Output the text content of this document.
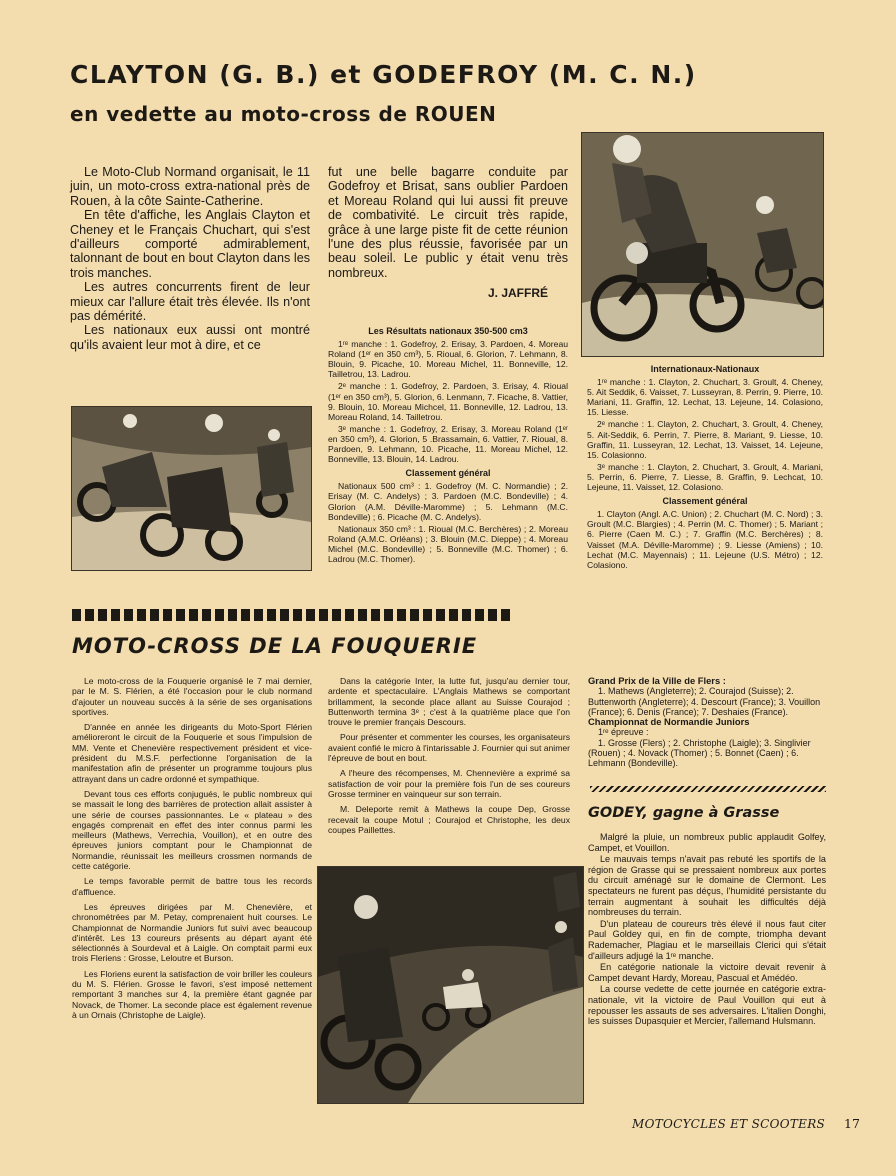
CLAYTON (G. B.) et GODEFROY (M. C. N.)
en vedette au moto-cross de ROUEN

Le Moto-Club Normand organisait, le 11 juin, un moto-cross extra-national près de Rouen, à la côte Sainte-Catherine.

En tête d'affiche, les Anglais Clayton et Cheney et le Français Chuchart, qui s'est d'ailleurs comporté admirablement, talonnant de bout en bout Clayton dans les trois manches.

Les autres concurrents firent de leur mieux car l'allure était très élevée. Ils n'ont pas démérité.

Les nationaux eux aussi ont montré qu'ils avaient leur mot à dire, et ce

fut une belle bagarre conduite par Godefroy et Brisat, sans oublier Pardoen et Moreau Roland qui lui aussi fit preuve de combativité. Le circuit très rapide, grâce à une large piste fit de cette réunion l'une des plus réussie, favorisée par un beau soleil. Le public y était venu très nombreux.

J. JAFFRÉ
Les Résultats nationaux 350-500 cm3

1ʳᵉ manche : 1. Godefroy, 2. Erisay, 3. Pardoen, 4. Moreau Roland (1ᵉʳ en 350 cm³), 5. Rioual, 6. Glorion, 7. Lehmann, 8. Blouin, 9. Picache, 10. Moreau Michel, 11. Bonneville, 12. Tailletrou, 13. Ladrou.

2ᵉ manche : 1. Godefroy, 2. Pardoen, 3. Erisay, 4. Rioual (1ᵉʳ en 350 cm³), 5. Glorion, 6. Lenmann, 7. Ficache, 8. Vattier, 9. Blouin, 10. Moreau Michcel, 11. Bonneville, 12. Ladrou, 13. Moreau Roland, 14. Tailletrou.

3ᵉ manche : 1. Godefroy, 2. Erisay, 3. Moreau Roland (1ᵉʳ en 350 cm³), 4. Glorion, 5 .Brassamain, 6. Vattier, 7. Rioual, 8. Pardoen, 9. Lehmann, 10. Picache, 11. Moreau Michel, 12. Bonneville, 13. Blouin, 14. Ladrou.

Classement général

Nationaux 500 cm³ : 1. Godefroy (M. C. Normandie) ; 2. Erisay (M. C. Andelys) ; 3. Pardoen (M.C. Bondeville) ; 4. Glorion (A.M. Déville-Maromme) ; 5. Lehmann (M.C. Bondeville) ; 6. Picache (M. C. Andelys).

Nationaux 350 cm³ : 1. Rioual (M.C. Berchères) ; 2. Moreau Roland (A.M.C. Orléans) ; 3. Blouin (M.C. Dieppe) ; 4. Moreau Michel (M.C. Bondeville) ; 5. Bonneville (M.C. Thomer) ; 6. Ladrou (M.C. Thomer).

Internationaux-Nationaux

1ʳᵉ manche : 1. Clayton, 2. Chuchart, 3. Groult, 4. Cheney, 5. Ait Seddik, 6. Vaisset, 7. Lusseyran, 8. Perrin, 9. Pierre, 10. Mariani, 11. Graffin, 12. Lechat, 13. Lejeune, 14. Colasiono, 15. Liesse.

2ᵉ manche : 1. Clayton, 2. Chuchart, 3. Groult, 4. Cheney, 5. Ait-Seddik, 6. Perrin, 7. Pierre, 8. Mariant, 9. Liesse, 10. Graffin, 11. Lusseyran, 12. Lechat, 13. Vaisset, 14. Lejeune, 15. Colasionno.

3ᵉ manche : 1. Clayton, 2. Chuchart, 3. Groult, 4. Mariani, 5. Perrin, 6. Pierre, 7. Liesse, 8. Graffin, 9. Lechcat, 10. Lejeune, 11. Vaisset, 12. Colasiono.

Classement général

1. Clayton (Angl. A.C. Union) ; 2. Chuchart (M. C. Nord) ; 3. Groult (M.C. Blargies) ; 4. Perrin (M. C. Thomer) ; 5. Mariant ; 6. Pierre (Caen M. C.) ; 7. Graffin (M.C. Berchères) ; 8. Vaisset (M.A. Déville-Maromme) ; 9. Liesse (Amiens) ; 10. Lechat (M.C. Mayennais) ; 11. Lejeune (U.S. Métro) ; 12. Colasiono.

MOTO-CROSS DE LA FOUQUERIE

Le moto-cross de la Fouquerie organisé le 7 mai dernier, par le M. S. Flérien, a été l'occasion pour le club normand d'ajouter un nouveau succès à la série de ses organisations sportives.

D'année en année les dirigeants du Moto-Sport Flérien amélioreront le circuit de la Fouquerie et sous l'impulsion de MM. Vente et Chenevière respectivement président et vice-président du M.S.F. perfectionne l'organisation de la manifestation afin de présenter un programme toujours plus attrayant dans un cadre ordonné et sympathique.

Devant tous ces efforts conjugués, le public nombreux qui se massait le long des barrières de protection allait assister à une série de courses passionnantes. Le « plateau » des engagés comprenait en effet des inter connus parmi les meilleurs (Mathews, Verrechia, Vouillon), et en outre des épreuves juniors comptant pour le Championnat de Normandie, réunissait les meilleurs crossmen normands de cette catégorie.

Le temps favorable permit de battre tous les records d'affluence.

Les épreuves dirigées par M. Chenevière, et chronométrées par M. Petay, comprenaient huit courses. Le Championnat de Normandie Juniors fut suivi avec beaucoup d'intérêt. Les 13 coureurs présents au départ ayant été sélectionnés à Sourdeval et à Laigle. On comptait parmi eux trois Fleriens : Grosse, Leloutre et Burson.

Les Floriens eurent la satisfaction de voir briller les couleurs du M. S. Flérien. Grosse le favori, s'est imposé nettement remportant 3 manches sur 4, la première étant gagnée par Novack, de Thomer. La seconde place est également revenue à un Ornais (Christophe de Laigle).

Dans la catégorie Inter, la lutte fut, jusqu'au dernier tour, ardente et spectaculaire. L'Anglais Mathews se comportant brillamment, la seconde place allant au Suisse Courajod ; Buttenworth termina 3ᵉ ; c'est à la quatrième place que l'on trouve le premier français Descours.

Pour présenter et commenter les courses, les organisateurs avaient confié le micro à l'intarissable J. Fournier qui sut animer l'épreuve de bout en bout.

A l'heure des récompenses, M. Chennevière a exprimé sa satisfaction de voir pour la première fois l'un de ses coureurs Grosse terminer en vainqueur sur son terrain.

M. Deleporte remit à Mathews la coupe Dep, Grosse recevait la coupe Motul ; Courajod et Christophe, les deux coupes Paillettes.

Grand Prix de la Ville de Flers :

1. Mathews (Angleterre); 2. Courajod (Suisse); 2. Buttenworth (Angleterre); 4. Descourt (France); 3. Vouillon (France); 6. Denis (France); 7. Deshaies (France).

Championnat de Normandie Juniors

1ʳᵉ épreuve :

1. Grosse (Flers) ; 2. Christophe (Laigle); 3. Singlivier (Rouen) ; 4. Novack (Thomer) ; 5. Bonnet (Caen) ; 6. Lehmann (Bondeville).

GODEY, gagne à Grasse

Malgré la pluie, un nombreux public applaudit Golfey, Campet, et Vouillon.

Le mauvais temps n'avait pas rebuté les sportifs de la région de Grasse qui se pressaient nombreux aux portes du circuit aménagé sur le domaine de Clermont. Les spectateurs ne furent pas déçus, l'humidité persistante du terrain augmentant à souhait les difficultés déjà nombreuses du terrain.

D'un plateau de coureurs très élevé il nous faut citer Paul Goldey qui, en fin de compte, triompha devant Rademacher, Plagiau et le marseillais Clerici qui s'était d'ailleurs adjugé la 1ʳᵉ manche.

En catégorie nationale la victoire devait revenir à Campet devant Hardy, Moreau, Pascual et Amédéo.

La course vedette de cette journée en catégorie extra-nationale, vit la victoire de Paul Vouillon qui eut à repousser les assauts de ses adversaires. L'italien Donghi, les suisses Dupasquier et Mercier, l'allemand Hulsmann.

MOTOCYCLES ET SCOOTERS 17
